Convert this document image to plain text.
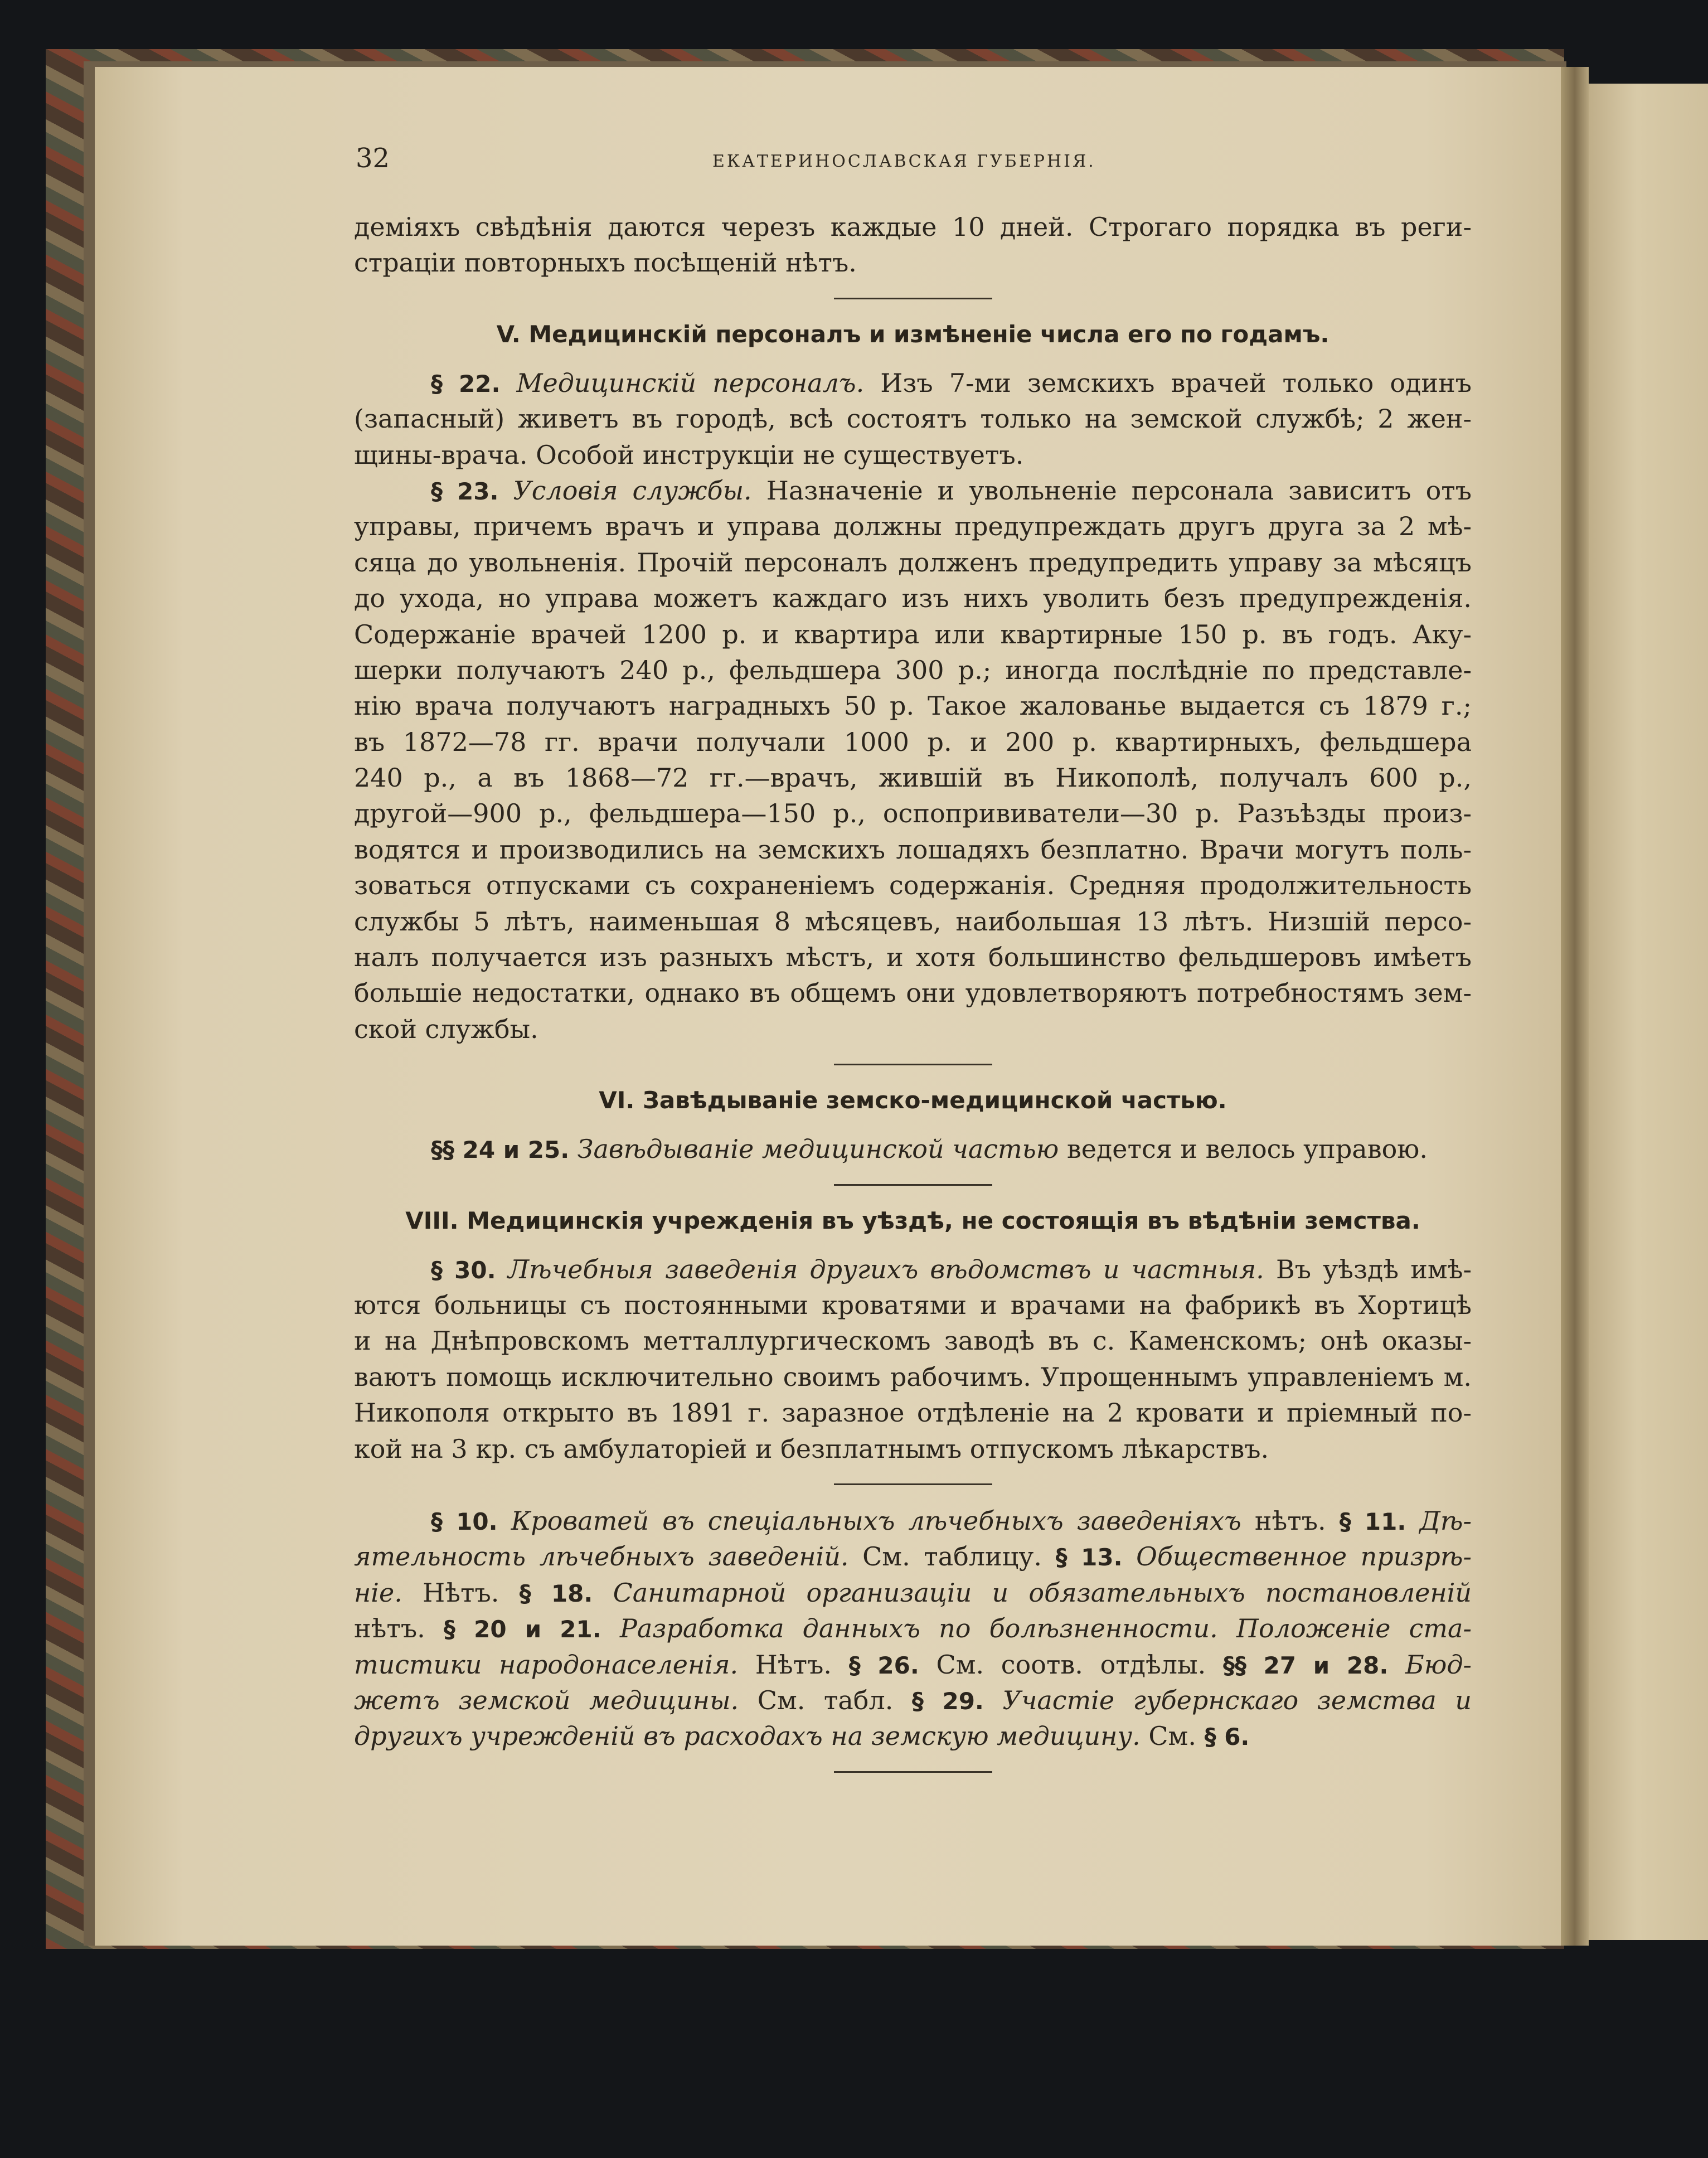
32	ЕКАТЕРИНОСЛАВСКАЯ ГУБЕРНІЯ.
деміяхъ свѣдѣнія даются черезъ каждые 10 дней. Строгаго порядка въ реги-
страціи повторныхъ посѣщеній нѣтъ.
V. Медицинскій персоналъ и измѣненіе числа его по годамъ.
§ 22. Медицинскій персоналъ. Изъ 7-ми земскихъ врачей только одинъ
(запасный) живетъ въ городѣ, всѣ состоятъ только на земской службѣ; 2 жен-
щины-врача. Особой инструкціи не существуетъ.
§ 23. Условія службы. Назначеніе и увольненіе персонала зависитъ отъ
управы, причемъ врачъ и управа должны предупреждать другъ друга за 2 мѣ-
сяца до увольненія. Прочій персоналъ долженъ предупредить управу за мѣсяцъ
до ухода, но управа можетъ каждаго изъ нихъ уволить безъ предупрежденія.
Содержаніе врачей 1200 р. и квартира или квартирные 150 р. въ годъ. Аку-
шерки получаютъ 240 р., фельдшера 300 р.; иногда послѣдніе по представле-
нію врача получаютъ наградныхъ 50 р. Такое жалованье выдается съ 1879 г.;
въ 1872—78 гг. врачи получали 1000 р. и 200 р. квартирныхъ, фельдшера
240 р., а въ 1868—72 гг.—врачъ, жившій въ Никополѣ, получалъ 600 р.,
другой—900 р., фельдшера—150 р., оспопрививатели—30 р. Разъѣзды произ-
водятся и производились на земскихъ лошадяхъ безплатно. Врачи могутъ поль-
зоваться отпусками съ сохраненіемъ содержанія. Средняя продолжительность
службы 5 лѣтъ, наименьшая 8 мѣсяцевъ, наибольшая 13 лѣтъ. Низшій персо-
налъ получается изъ разныхъ мѣстъ, и хотя большинство фельдшеровъ имѣетъ
большіе недостатки, однако въ общемъ они удовлетворяютъ потребностямъ зем-
ской службы.
VI. Завѣдываніе земско-медицинской частью.
§§ 24 и 25. Завѣдываніе медицинской частью ведется и велось управою.
VIII. Медицинскія учрежденія въ уѣздѣ, не состоящія въ вѣдѣніи земства.
§ 30. Лѣчебныя заведенія другихъ вѣдомствъ и частныя. Въ уѣздѣ имѣ-
ются больницы съ постоянными кроватями и врачами на фабрикѣ въ Хортицѣ
и на Днѣпровскомъ метталлургическомъ заводѣ въ с. Каменскомъ; онѣ оказы-
ваютъ помощь исключительно своимъ рабочимъ. Упрощеннымъ управленіемъ м.
Никополя открыто въ 1891 г. заразное отдѣленіе на 2 кровати и пріемный по-
кой на 3 кр. съ амбулаторіей и безплатнымъ отпускомъ лѣкарствъ.
§ 10. Кроватей въ спеціальныхъ лѣчебныхъ заведеніяхъ нѣтъ. § 11. Дѣ-
ятельность лѣчебныхъ заведеній. См. таблицу. § 13. Общественное призрѣ-
ніе. Нѣтъ. § 18. Санитарной организаціи и обязательныхъ постановленій
нѣтъ. § 20 и 21. Разработка данныхъ по болѣзненности. Положеніе ста-
тистики народонаселенія. Нѣтъ. § 26. См. соотв. отдѣлы. §§ 27 и 28. Бюд-
жетъ земской медицины. См. табл. § 29. Участіе губернскаго земства и
другихъ учрежденій въ расходахъ на земскую медицину. См. § 6.
